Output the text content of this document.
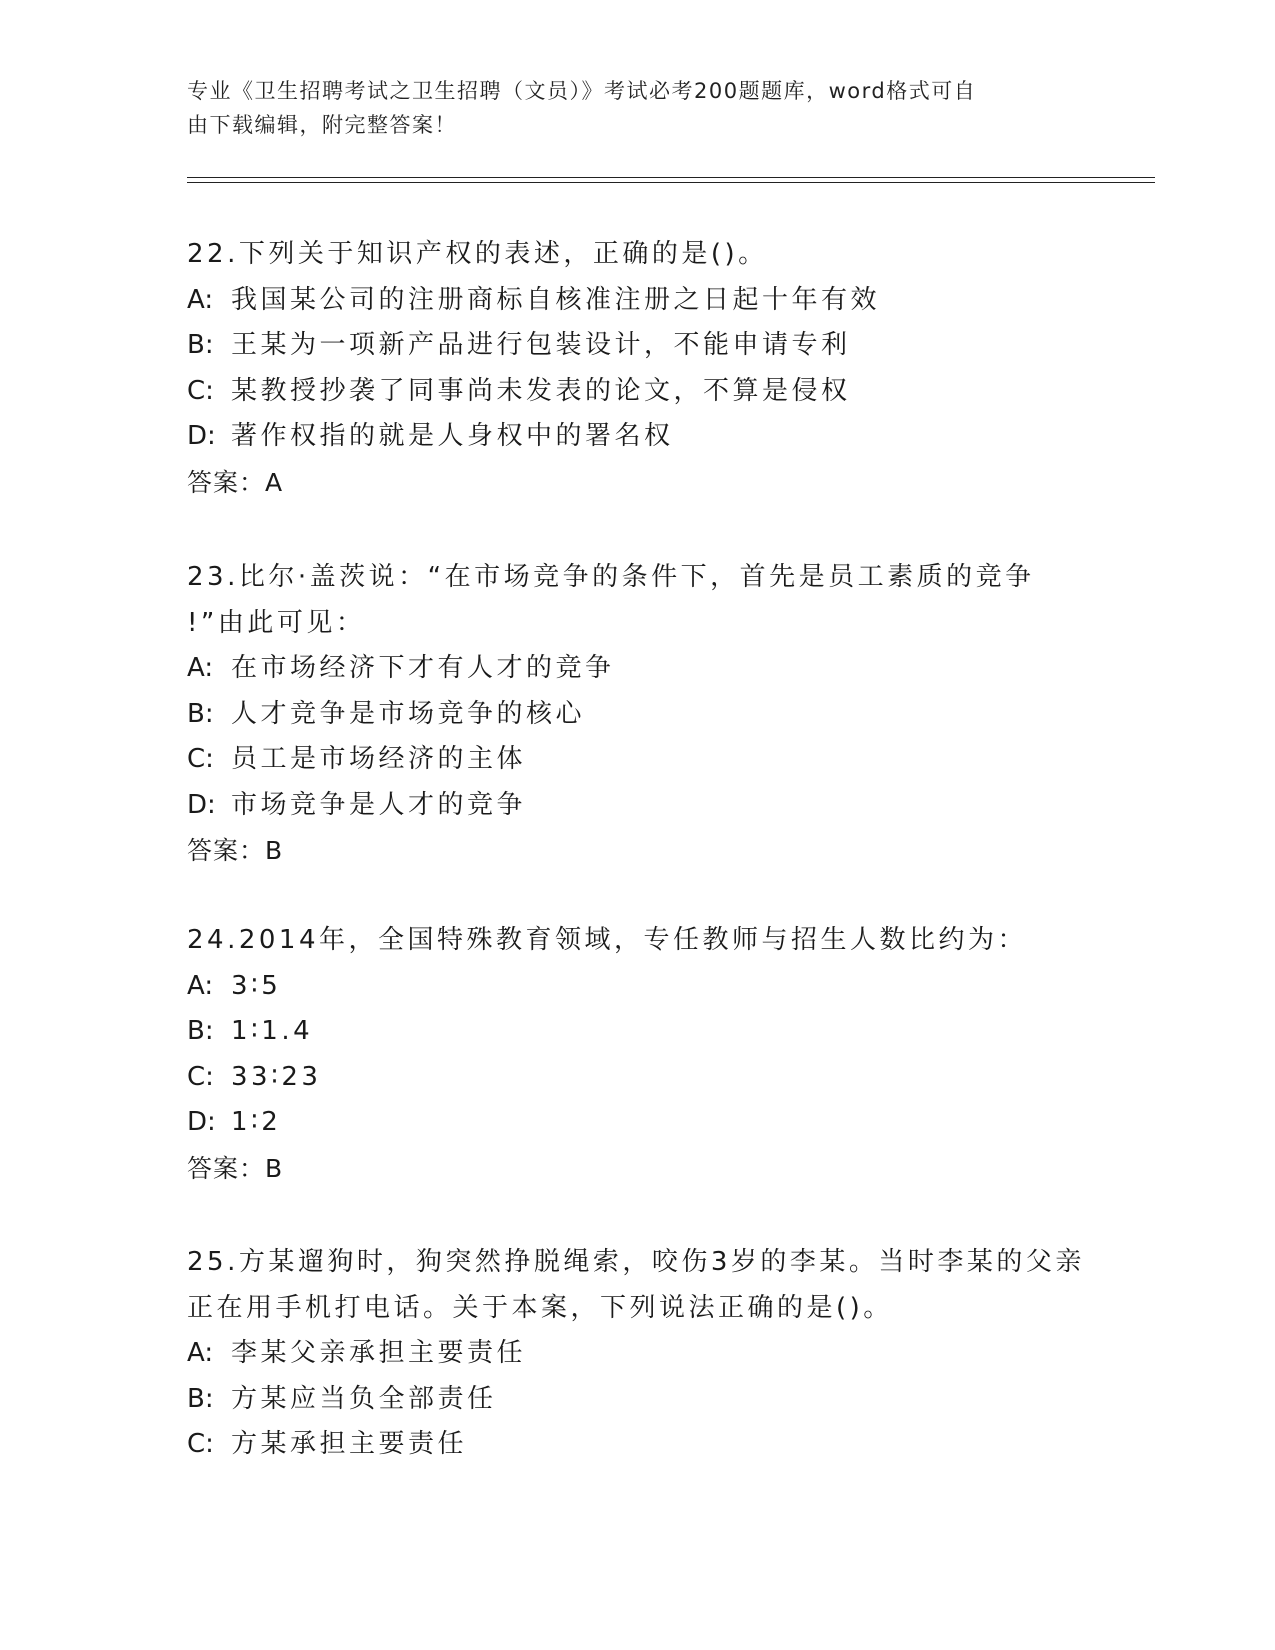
专业《卫生招聘考试之卫生招聘（文员）》考试必考200题题库，word格式可自
由下载编辑，附完整答案！
22.下列关于知识产权的表述，正确的是()。
A: 我国某公司的注册商标自核准注册之日起十年有效
B: 王某为一项新产品进行包装设计，不能申请专利
C: 某教授抄袭了同事尚未发表的论文，不算是侵权
D: 著作权指的就是人身权中的署名权
答案：A
23.比尔·盖茨说：“在市场竞争的条件下，首先是员工素质的竞争
!”由此可见：
A: 在市场经济下才有人才的竞争
B: 人才竞争是市场竞争的核心
C: 员工是市场经济的主体
D: 市场竞争是人才的竞争
答案：B
24.2014年，全国特殊教育领域，专任教师与招生人数比约为：
A: 3∶5
B: 1∶1.4
C: 33∶23
D: 1∶2
答案：B
25.方某遛狗时，狗突然挣脱绳索，咬伤3岁的李某。当时李某的父亲
正在用手机打电话。关于本案，下列说法正确的是()。
A: 李某父亲承担主要责任
B: 方某应当负全部责任
C: 方某承担主要责任
